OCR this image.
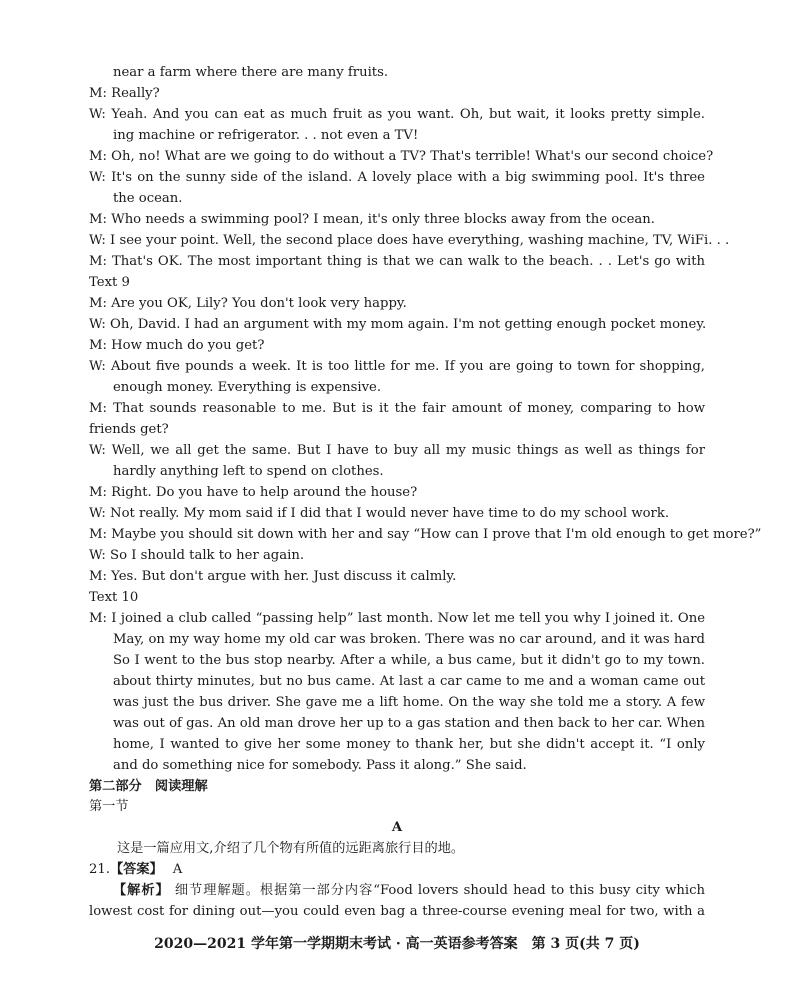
near a farm where there are many fruits.
M: Really?
W: Yeah. And you can eat as much fruit as you want. Oh, but wait, it looks pretty simple.
ing machine or refrigerator. . . not even a TV!
M: Oh, no! What are we going to do without a TV? That's terrible! What's our second choice?
W: It's on the sunny side of the island. A lovely place with a big swimming pool. It's three
the ocean.
M: Who needs a swimming pool? I mean, it's only three blocks away from the ocean.
W: I see your point. Well, the second place does have everything, washing machine, TV, WiFi. . .
M: That's OK. The most important thing is that we can walk to the beach. . . Let's go with
Text 9
M: Are you OK, Lily? You don't look very happy.
W: Oh, David. I had an argument with my mom again. I'm not getting enough pocket money.
M: How much do you get?
W: About five pounds a week. It is too little for me. If you are going to town for shopping,
enough money. Everything is expensive.
M: That sounds reasonable to me. But is it the fair amount of money, comparing to how
friends get?
W: Well, we all get the same. But I have to buy all my music things as well as things for
hardly anything left to spend on clothes.
M: Right. Do you have to help around the house?
W: Not really. My mom said if I did that I would never have time to do my school work.
M: Maybe you should sit down with her and say “How can I prove that I'm old enough to get more?”
W: So I should talk to her again.
M: Yes. But don't argue with her. Just discuss it calmly.
Text 10
M: I joined a club called “passing help” last month. Now let me tell you why I joined it. One
May, on my way home my old car was broken. There was no car around, and it was hard
So I went to the bus stop nearby. After a while, a bus came, but it didn't go to my town.
about thirty minutes, but no bus came. At last a car came to me and a woman came out
was just the bus driver. She gave me a lift home. On the way she told me a story. A few
was out of gas. An old man drove her up to a gas station and then back to her car. When
home, I wanted to give her some money to thank her, but she didn't accept it. “I only
and do something nice for somebody. Pass it along.” She said.
第二部分　阅读理解
第一节
A
这是一篇应用文,介绍了几个物有所值的远距离旅行目的地。
21.【答案】 A
【解析】 细节理解题。根据第一部分内容“Food lovers should head to this busy city which
lowest cost for dining out—you could even bag a three-course evening meal for two, with a
2020—2021 学年第一学期期末考试 · 高一英语参考答案　第 3 页(共 7 页)
